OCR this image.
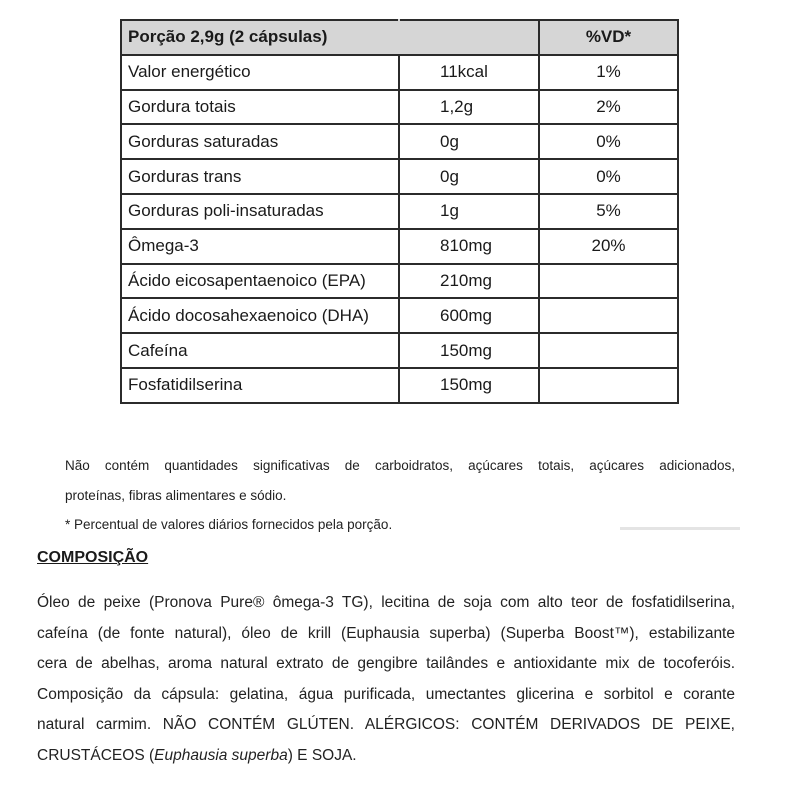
Porção 2,9g (2 cápsulas)		%VD*
Valor energético	11kcal	1%
Gordura totais	1,2g	2%
Gorduras saturadas	0g	0%
Gorduras trans	0g	0%
Gorduras poli-insaturadas	1g	5%
Ômega-3	810mg	20%
Ácido eicosapentaenoico (EPA)	210mg	
Ácido docosahexaenoico (DHA)	600mg	
Cafeína	150mg	
Fosfatidilserina	150mg	
Não contém quantidades significativas de carboidratos, açúcares totais, açúcares adicionados,
proteínas, fibras alimentares e sódio.
* Percentual de valores diários fornecidos pela porção.
COMPOSIÇÃO
Óleo de peixe (Pronova Pure® ômega-3 TG), lecitina de soja com alto teor de fosfatidilserina,
cafeína (de fonte natural), óleo de krill (Euphausia superba) (Superba Boost™), estabilizante
cera de abelhas, aroma natural extrato de gengibre tailândes e antioxidante mix de tocoferóis.
Composição da cápsula: gelatina, água purificada, umectantes glicerina e sorbitol e corante
natural carmim. NÃO CONTÉM GLÚTEN. ALÉRGICOS: CONTÉM DERIVADOS DE PEIXE,
CRUSTÁCEOS (Euphausia superba) E SOJA.
